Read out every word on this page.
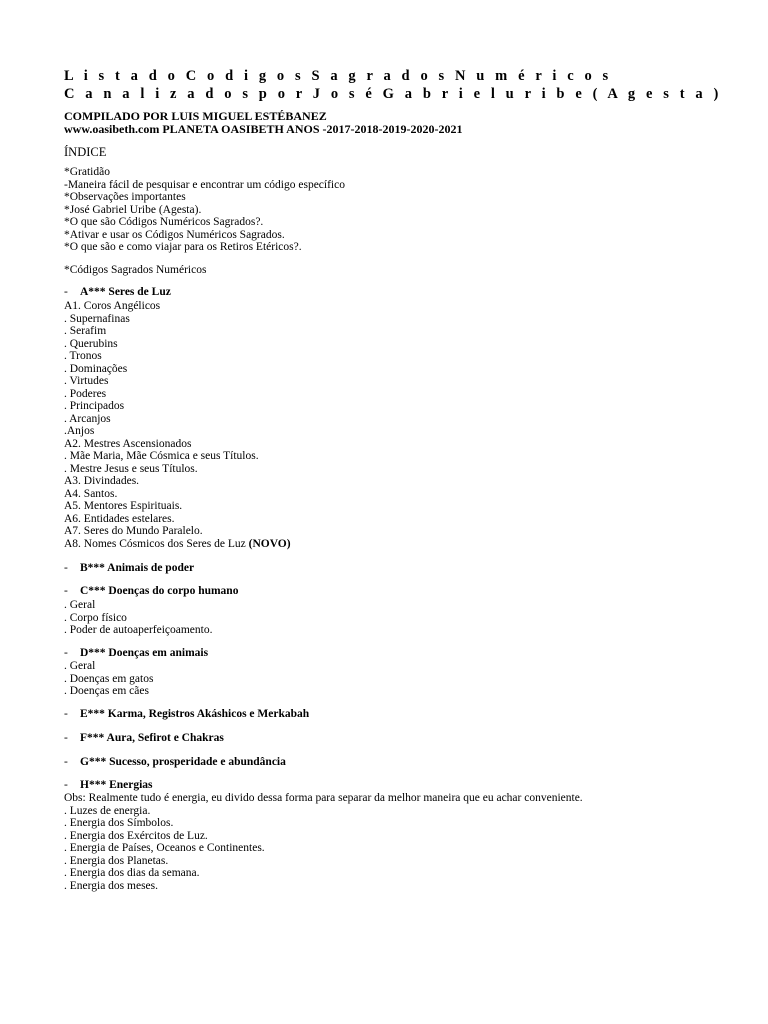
L i s t a d o C o d i g o s S a g r a d o s N u m é r i c o s
C a n a l i z a d o s p o r J o s é G a b r i e l u r i b e ( A g e s t a )
COMPILADO POR LUIS MIGUEL ESTÉBANEZ
www.oasibeth.com PLANETA OASIBETH ANOS -2017-2018-2019-2020-2021
ÍNDICE
*Gratidão
-Maneira fácil de pesquisar e encontrar um código específico
*Observações importantes
*José Gabriel Uribe (Agesta).
*O que são Códigos Numéricos Sagrados?.
*Ativar e usar os Códigos Numéricos Sagrados.
*O que são e como viajar para os Retiros Etéricos?.
*Códigos Sagrados Numéricos
- A*** Seres de Luz
A1. Coros Angélicos
. Supernafinas
. Serafim
. Querubins
. Tronos
. Dominações
. Virtudes
. Poderes
. Principados
. Arcanjos
.Anjos
A2. Mestres Ascensionados
. Mãe Maria, Mãe Cósmica e seus Títulos.
. Mestre Jesus e seus Títulos.
A3. Divindades.
A4. Santos.
A5. Mentores Espirituais.
A6. Entidades estelares.
A7. Seres do Mundo Paralelo.
A8. Nomes Cósmicos dos Seres de Luz (NOVO)
- B*** Animais de poder
- C*** Doenças do corpo humano
. Geral
. Corpo físico
. Poder de autoaperfeiçoamento.
- D*** Doenças em animais
. Geral
. Doenças em gatos
. Doenças em cães
- E*** Karma, Registros Akáshicos e Merkabah
- F*** Aura, Sefirot e Chakras
- G*** Sucesso, prosperidade e abundância
- H*** Energias
Obs: Realmente tudo é energia, eu divido dessa forma para separar da melhor maneira que eu achar conveniente.
. Luzes de energia.
. Energia dos Símbolos.
. Energia dos Exércitos de Luz.
. Energia de Países, Oceanos e Continentes.
. Energia dos Planetas.
. Energia dos dias da semana.
. Energia dos meses.
